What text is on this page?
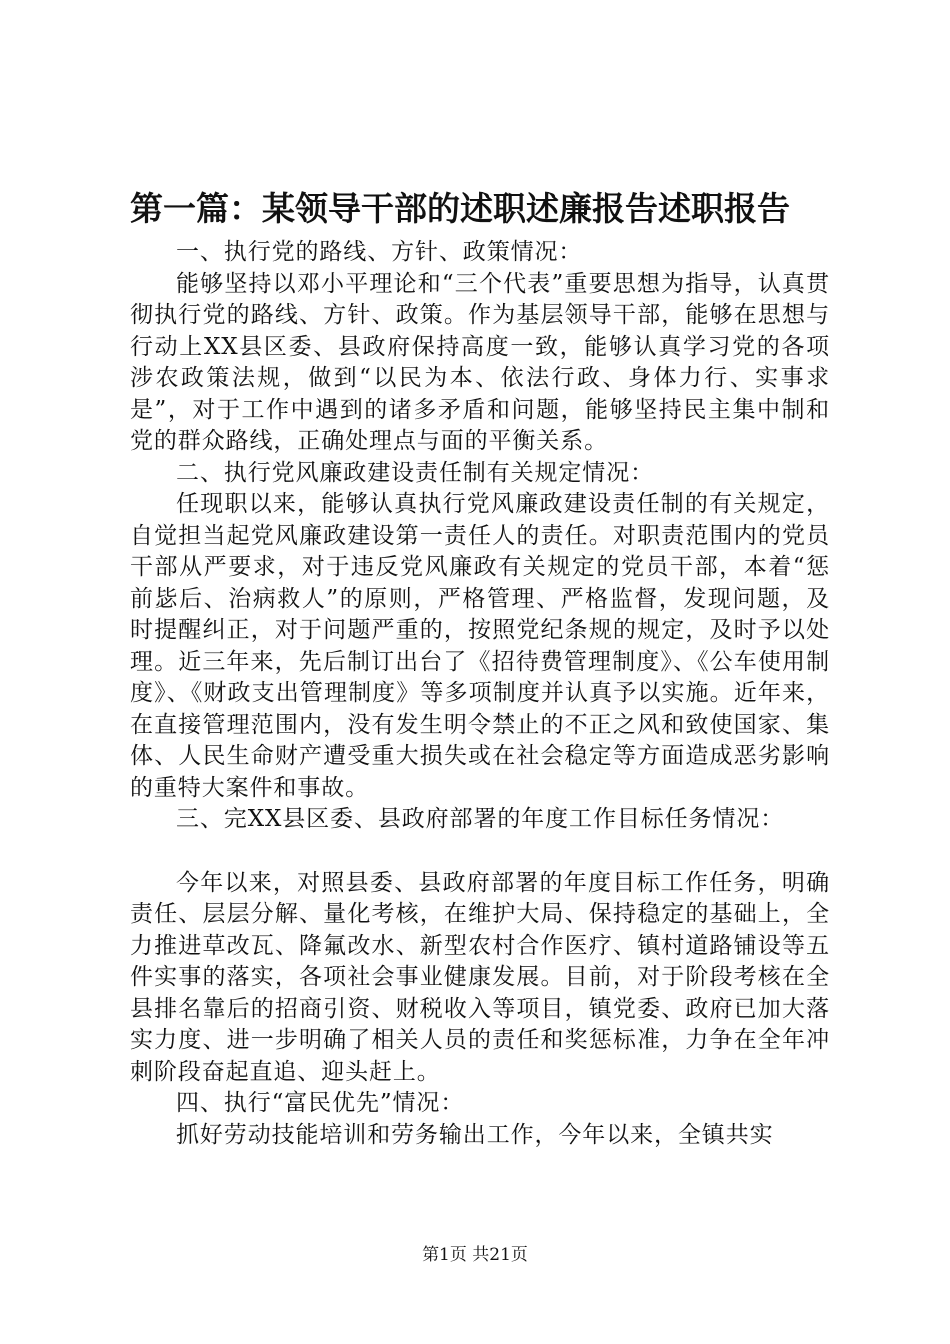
第一篇：某领导干部的述职述廉报告述职报告

一、执行党的路线、方针、政策情况：

能够坚持以邓小平理论和“三个代表”重要思想为指导，认真贯彻执行党的路线、方针、政策。作为基层领导干部，能够在思想与行动上XX县区委、县政府保持高度一致，能够认真学习党的各项涉农政策法规，做到“以民为本、依法行政、身体力行、实事求是”，对于工作中遇到的诸多矛盾和问题，能够坚持民主集中制和党的群众路线，正确处理点与面的平衡关系。

二、执行党风廉政建设责任制有关规定情况：

任现职以来，能够认真执行党风廉政建设责任制的有关规定，自觉担当起党风廉政建设第一责任人的责任。对职责范围内的党员干部从严要求，对于违反党风廉政有关规定的党员干部，本着“惩前毖后、治病救人”的原则，严格管理、严格监督，发现问题，及时提醒纠正，对于问题严重的，按照党纪条规的规定，及时予以处理。近三年来，先后制订出台了《招待费管理制度》、《公车使用制度》、《财政支出管理制度》等多项制度并认真予以实施。近年来，在直接管理范围内，没有发生明令禁止的不正之风和致使国家、集体、人民生命财产遭受重大损失或在社会稳定等方面造成恶劣影响的重特大案件和事故。

三、完XX县区委、县政府部署的年度工作目标任务情况：

今年以来，对照县委、县政府部署的年度目标工作任务，明确责任、层层分解、量化考核，在维护大局、保持稳定的基础上，全力推进草改瓦、降氟改水、新型农村合作医疗、镇村道路铺设等五件实事的落实，各项社会事业健康发展。目前，对于阶段考核在全县排名靠后的招商引资、财税收入等项目，镇党委、政府已加大落实力度、进一步明确了相关人员的责任和奖惩标准，力争在全年冲刺阶段奋起直追、迎头赶上。

四、执行“富民优先”情况：

抓好劳动技能培训和劳务输出工作，今年以来，全镇共实

第1页 共21页
